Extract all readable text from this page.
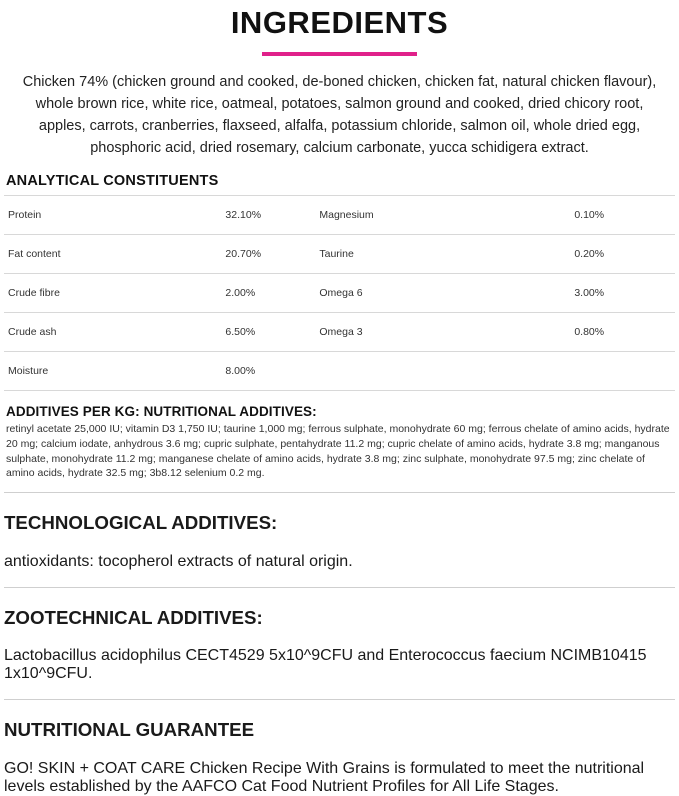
INGREDIENTS

Chicken 74% (chicken ground and cooked, de-boned chicken, chicken fat, natural chicken flavour), whole brown rice, white rice, oatmeal, potatoes, salmon ground and cooked, dried chicory root, apples, carrots, cranberries, flaxseed, alfalfa, potassium chloride, salmon oil, whole dried egg, phosphoric acid, dried rosemary, calcium carbonate, yucca schidigera extract.

ANALYTICAL CONSTITUENTS
Protein	32.10%	Magnesium	0.10%
Fat content	20.70%	Taurine	0.20%
Crude fibre	2.00%	Omega 6	3.00%
Crude ash	6.50%	Omega 3	0.80%
Moisture	8.00%		
ADDITIVES PER KG: NUTRITIONAL ADDITIVES:

retinyl acetate 25,000 IU; vitamin D3 1,750 IU; taurine 1,000 mg; ferrous sulphate, monohydrate 60 mg; ferrous chelate of amino acids, hydrate 20 mg; calcium iodate, anhydrous 3.6 mg; cupric sulphate, pentahydrate 11.2 mg; cupric chelate of amino acids, hydrate 3.8 mg; manganous sulphate, monohydrate 11.2 mg; manganese chelate of amino acids, hydrate 3.8 mg; zinc sulphate, monohydrate 97.5 mg; zinc chelate of amino acids, hydrate 32.5 mg; 3b8.12 selenium 0.2 mg.

TECHNOLOGICAL ADDITIVES:

antioxidants: tocopherol extracts of natural origin.

ZOOTECHNICAL ADDITIVES:

Lactobacillus acidophilus CECT4529 5x10^9CFU and Enterococcus faecium NCIMB10415 1x10^9CFU.

NUTRITIONAL GUARANTEE

GO! SKIN + COAT CARE Chicken Recipe With Grains is formulated to meet the nutritional levels established by the AAFCO Cat Food Nutrient Profiles for All Life Stages.
